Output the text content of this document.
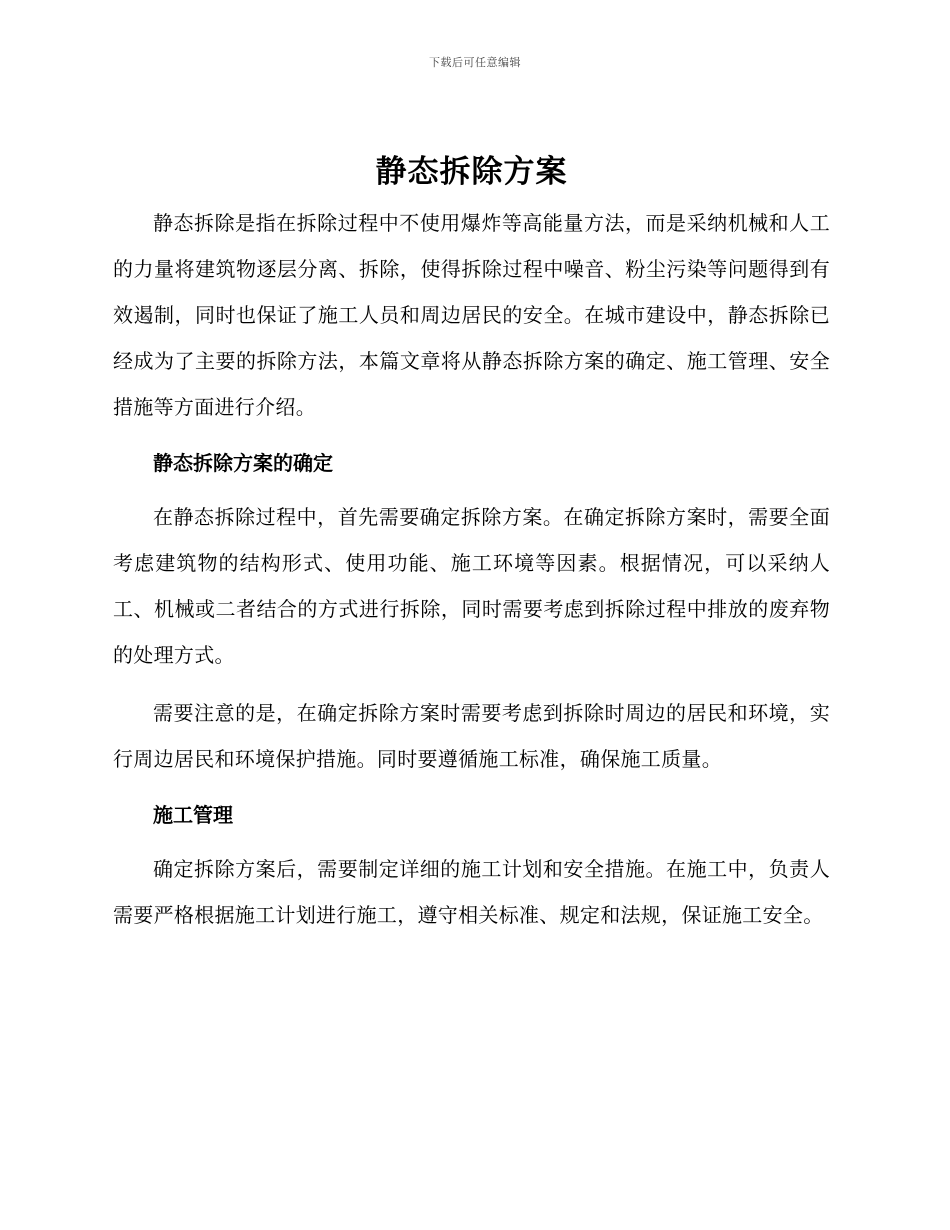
下载后可任意编辑
静态拆除方案

静态拆除是指在拆除过程中不使用爆炸等高能量方法，而是采纳机械和人工的力量将建筑物逐层分离、拆除，使得拆除过程中噪音、粉尘污染等问题得到有效遏制，同时也保证了施工人员和周边居民的安全。在城市建设中，静态拆除已经成为了主要的拆除方法，本篇文章将从静态拆除方案的确定、施工管理、安全措施等方面进行介绍。

静态拆除方案的确定

在静态拆除过程中，首先需要确定拆除方案。在确定拆除方案时，需要全面考虑建筑物的结构形式、使用功能、施工环境等因素。根据情况，可以采纳人工、机械或二者结合的方式进行拆除，同时需要考虑到拆除过程中排放的废弃物的处理方式。

需要注意的是，在确定拆除方案时需要考虑到拆除时周边的居民和环境，实行周边居民和环境保护措施。同时要遵循施工标准，确保施工质量。

施工管理

确定拆除方案后，需要制定详细的施工计划和安全措施。在施工中，负责人需要严格根据施工计划进行施工，遵守相关标准、规定和法规，保证施工安全。
